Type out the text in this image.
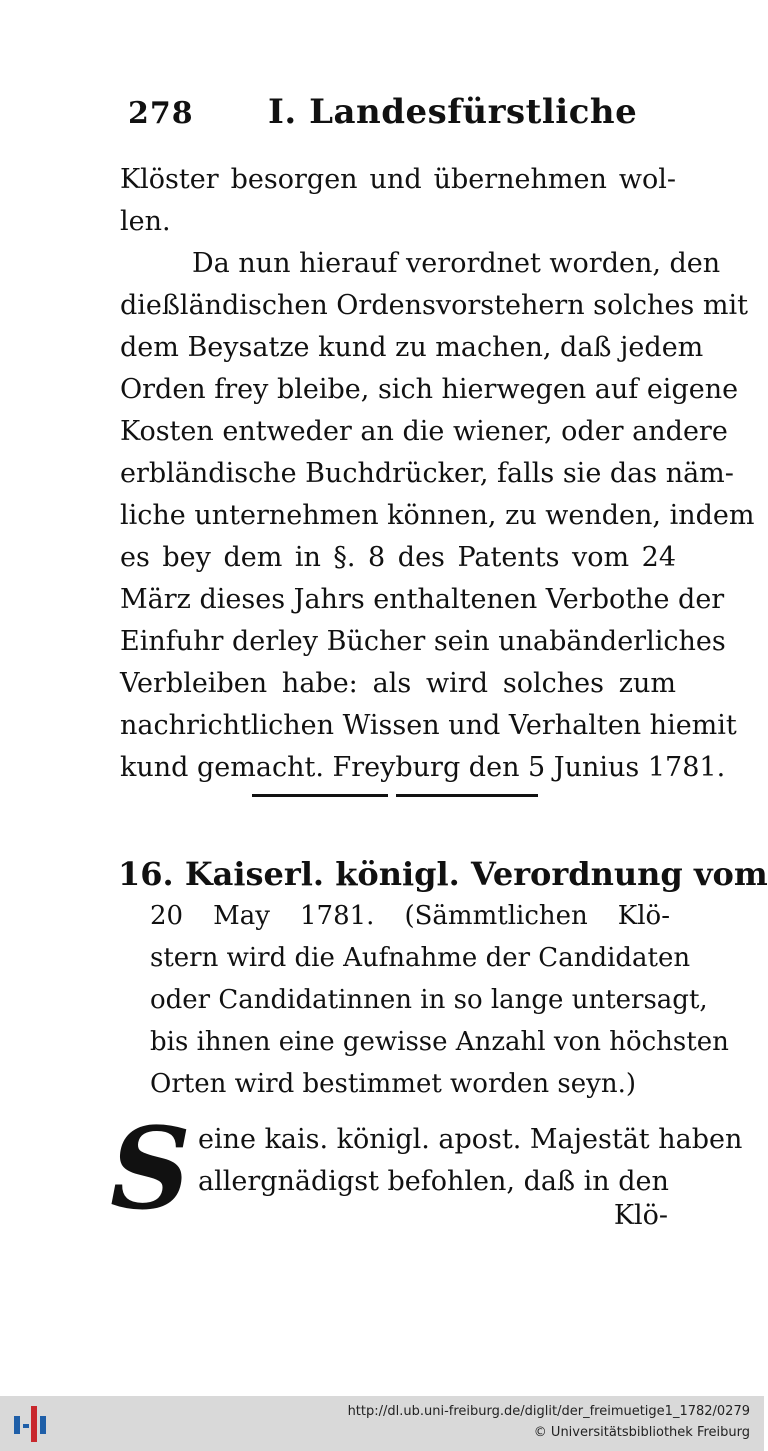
278 I. Landesfürstliche
Klöster besorgen und übernehmen wol-
len.
Da nun hierauf verordnet worden, den
dießländischen Ordensvorstehern solches mit
dem Beysatze kund zu machen, daß jedem
Orden frey bleibe, sich hierwegen auf eigene
Kosten entweder an die wiener, oder andere
erbländische Buchdrücker, falls sie das näm-
liche unternehmen können, zu wenden, indem
es bey dem in §. 8 des Patents vom 24
März dieses Jahrs enthaltenen Verbothe der
Einfuhr derley Bücher sein unabänderliches
Verbleiben habe: als wird solches zum
nachrichtlichen Wissen und Verhalten hiemit
kund gemacht. Freyburg den 5 Junius 1781.
16. Kaiserl. königl. Verordnung vom
20 May 1781. (Sämmtlichen Klö-
stern wird die Aufnahme der Candidaten
oder Candidatinnen in so lange untersagt,
bis ihnen eine gewisse Anzahl von höchsten
Orten wird bestimmet worden seyn.)
S eine kais. königl. apost. Majestät haben
allergnädigst befohlen, daß in den
Klö-
http://dl.ub.uni-freiburg.de/diglit/der_freimuetige1_1782/0279
© Universitätsbibliothek Freiburg
